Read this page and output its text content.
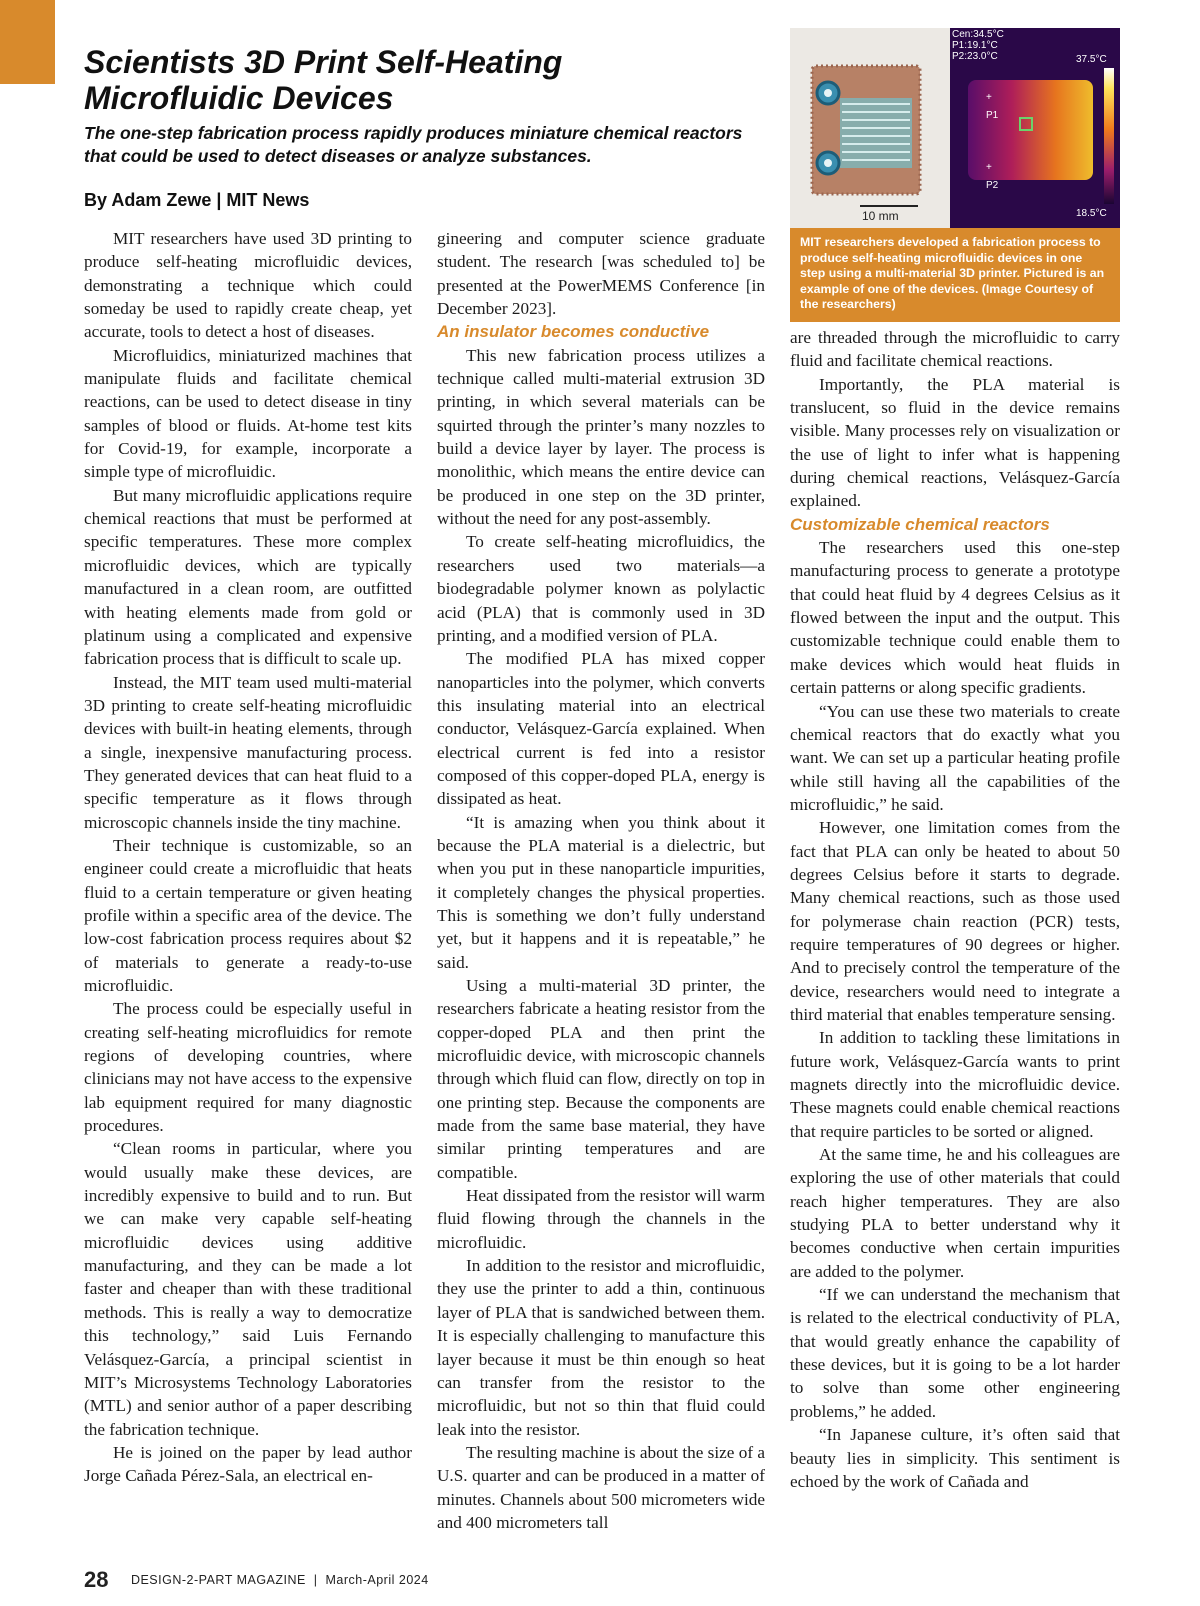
Scientists 3D Print Self-Heating
Microfluidic Devices
The one-step fabrication process rapidly produces miniature chemical reactors that could be used to detect diseases or analyze substances.
By Adam Zewe | MIT News

MIT researchers have used 3D printing to produce self-heating microfluidic devices, demonstrating a technique which could someday be used to rapidly create cheap, yet accurate, tools to detect a host of diseases.

Microfluidics, miniaturized machines that manipulate fluids and facilitate chemical reactions, can be used to detect disease in tiny samples of blood or fluids. At-home test kits for Covid-19, for example, incorporate a simple type of microfluidic.

But many microfluidic applications require chemical reactions that must be performed at specific temperatures. These more complex microfluidic devices, which are typically manufactured in a clean room, are outfitted with heating elements made from gold or platinum using a complicated and expensive fabrication process that is difficult to scale up.

Instead, the MIT team used multi-material 3D printing to create self-heating microfluidic devices with built-in heating elements, through a single, inexpensive manufacturing process. They generated devices that can heat fluid to a specific temperature as it flows through microscopic channels inside the tiny machine.

Their technique is customizable, so an engineer could create a microfluidic that heats fluid to a certain temperature or given heating profile within a specific area of the device. The low-cost fabrication process requires about $2 of materials to generate a ready-to-use microfluidic.

The process could be especially useful in creating self-heating microfluidics for remote regions of developing countries, where clinicians may not have access to the expensive lab equipment required for many diagnostic procedures.

“Clean rooms in particular, where you would usually make these devices, are incredibly expensive to build and to run. But we can make very capable self-heating microfluidic devices using additive manufacturing, and they can be made a lot faster and cheaper than with these traditional methods. This is really a way to democratize this technology,” said Luis Fernando Velásquez-García, a principal scientist in MIT’s Microsystems Technology Laboratories (MTL) and senior author of a paper describing the fabrication technique.

He is joined on the paper by lead author Jorge Cañada Pérez-Sala, an electrical en-

gineering and computer science graduate student. The research [was scheduled to] be presented at the PowerMEMS Conference [in December 2023].

An insulator becomes conductive

This new fabrication process utilizes a technique called multi-material extrusion 3D printing, in which several materials can be squirted through the printer’s many nozzles to build a device layer by layer. The process is monolithic, which means the entire device can be produced in one step on the 3D printer, without the need for any post-assembly.

To create self-heating microfluidics, the researchers used two materials—a biodegradable polymer known as polylactic acid (PLA) that is commonly used in 3D printing, and a modified version of PLA.

The modified PLA has mixed copper nanoparticles into the polymer, which converts this insulating material into an electrical conductor, Velásquez-García explained. When electrical current is fed into a resistor composed of this copper-doped PLA, energy is dissipated as heat.

“It is amazing when you think about it because the PLA material is a dielectric, but when you put in these nanoparticle impurities, it completely changes the physical properties. This is something we don’t fully understand yet, but it happens and it is repeatable,” he said.

Using a multi-material 3D printer, the researchers fabricate a heating resistor from the copper-doped PLA and then print the microfluidic device, with microscopic channels through which fluid can flow, directly on top in one printing step. Because the components are made from the same base material, they have similar printing temperatures and are compatible.

Heat dissipated from the resistor will warm fluid flowing through the channels in the microfluidic.

In addition to the resistor and microfluidic, they use the printer to add a thin, continuous layer of PLA that is sandwiched between them. It is especially challenging to manufacture this layer because it must be thin enough so heat can transfer from the resistor to the microfluidic, but not so thin that fluid could leak into the resistor.

The resulting machine is about the size of a U.S. quarter and can be produced in a matter of minutes. Channels about 500 micrometers wide and 400 micrometers tall

10 mm
+
P1
+
P2
Cen:34.5°C
P1:19.1°C
P2:23.0°C	37.5°C
18.5°C
MIT researchers developed a fabrication process to produce self-heating microfluidic devices in one step using a multi-material 3D printer. Pictured is an example of one of the devices. (Image Courtesy of the researchers)

are threaded through the microfluidic to carry fluid and facilitate chemical reactions.

Importantly, the PLA material is translucent, so fluid in the device remains visible. Many processes rely on visualization or the use of light to infer what is happening during chemical reactions, Velásquez-García explained.

Customizable chemical reactors

The researchers used this one-step manufacturing process to generate a prototype that could heat fluid by 4 degrees Celsius as it flowed between the input and the output. This customizable technique could enable them to make devices which would heat fluids in certain patterns or along specific gradients.

“You can use these two materials to create chemical reactors that do exactly what you want. We can set up a particular heating profile while still having all the capabilities of the microfluidic,” he said.

However, one limitation comes from the fact that PLA can only be heated to about 50 degrees Celsius before it starts to degrade. Many chemical reactions, such as those used for polymerase chain reaction (PCR) tests, require temperatures of 90 degrees or higher. And to precisely control the temperature of the device, researchers would need to integrate a third material that enables temperature sensing.

In addition to tackling these limitations in future work, Velásquez-García wants to print magnets directly into the microfluidic device. These magnets could enable chemical reactions that require particles to be sorted or aligned.

At the same time, he and his colleagues are exploring the use of other materials that could reach higher temperatures. They are also studying PLA to better understand why it becomes conductive when certain impurities are added to the polymer.

“If we can understand the mechanism that is related to the electrical conductivity of PLA, that would greatly enhance the capability of these devices, but it is going to be a lot harder to solve than some other engineering problems,” he added.

“In Japanese culture, it’s often said that beauty lies in simplicity. This sentiment is echoed by the work of Cañada and

28 DESIGN-2-PART MAGAZINE  |  March-April 2024
